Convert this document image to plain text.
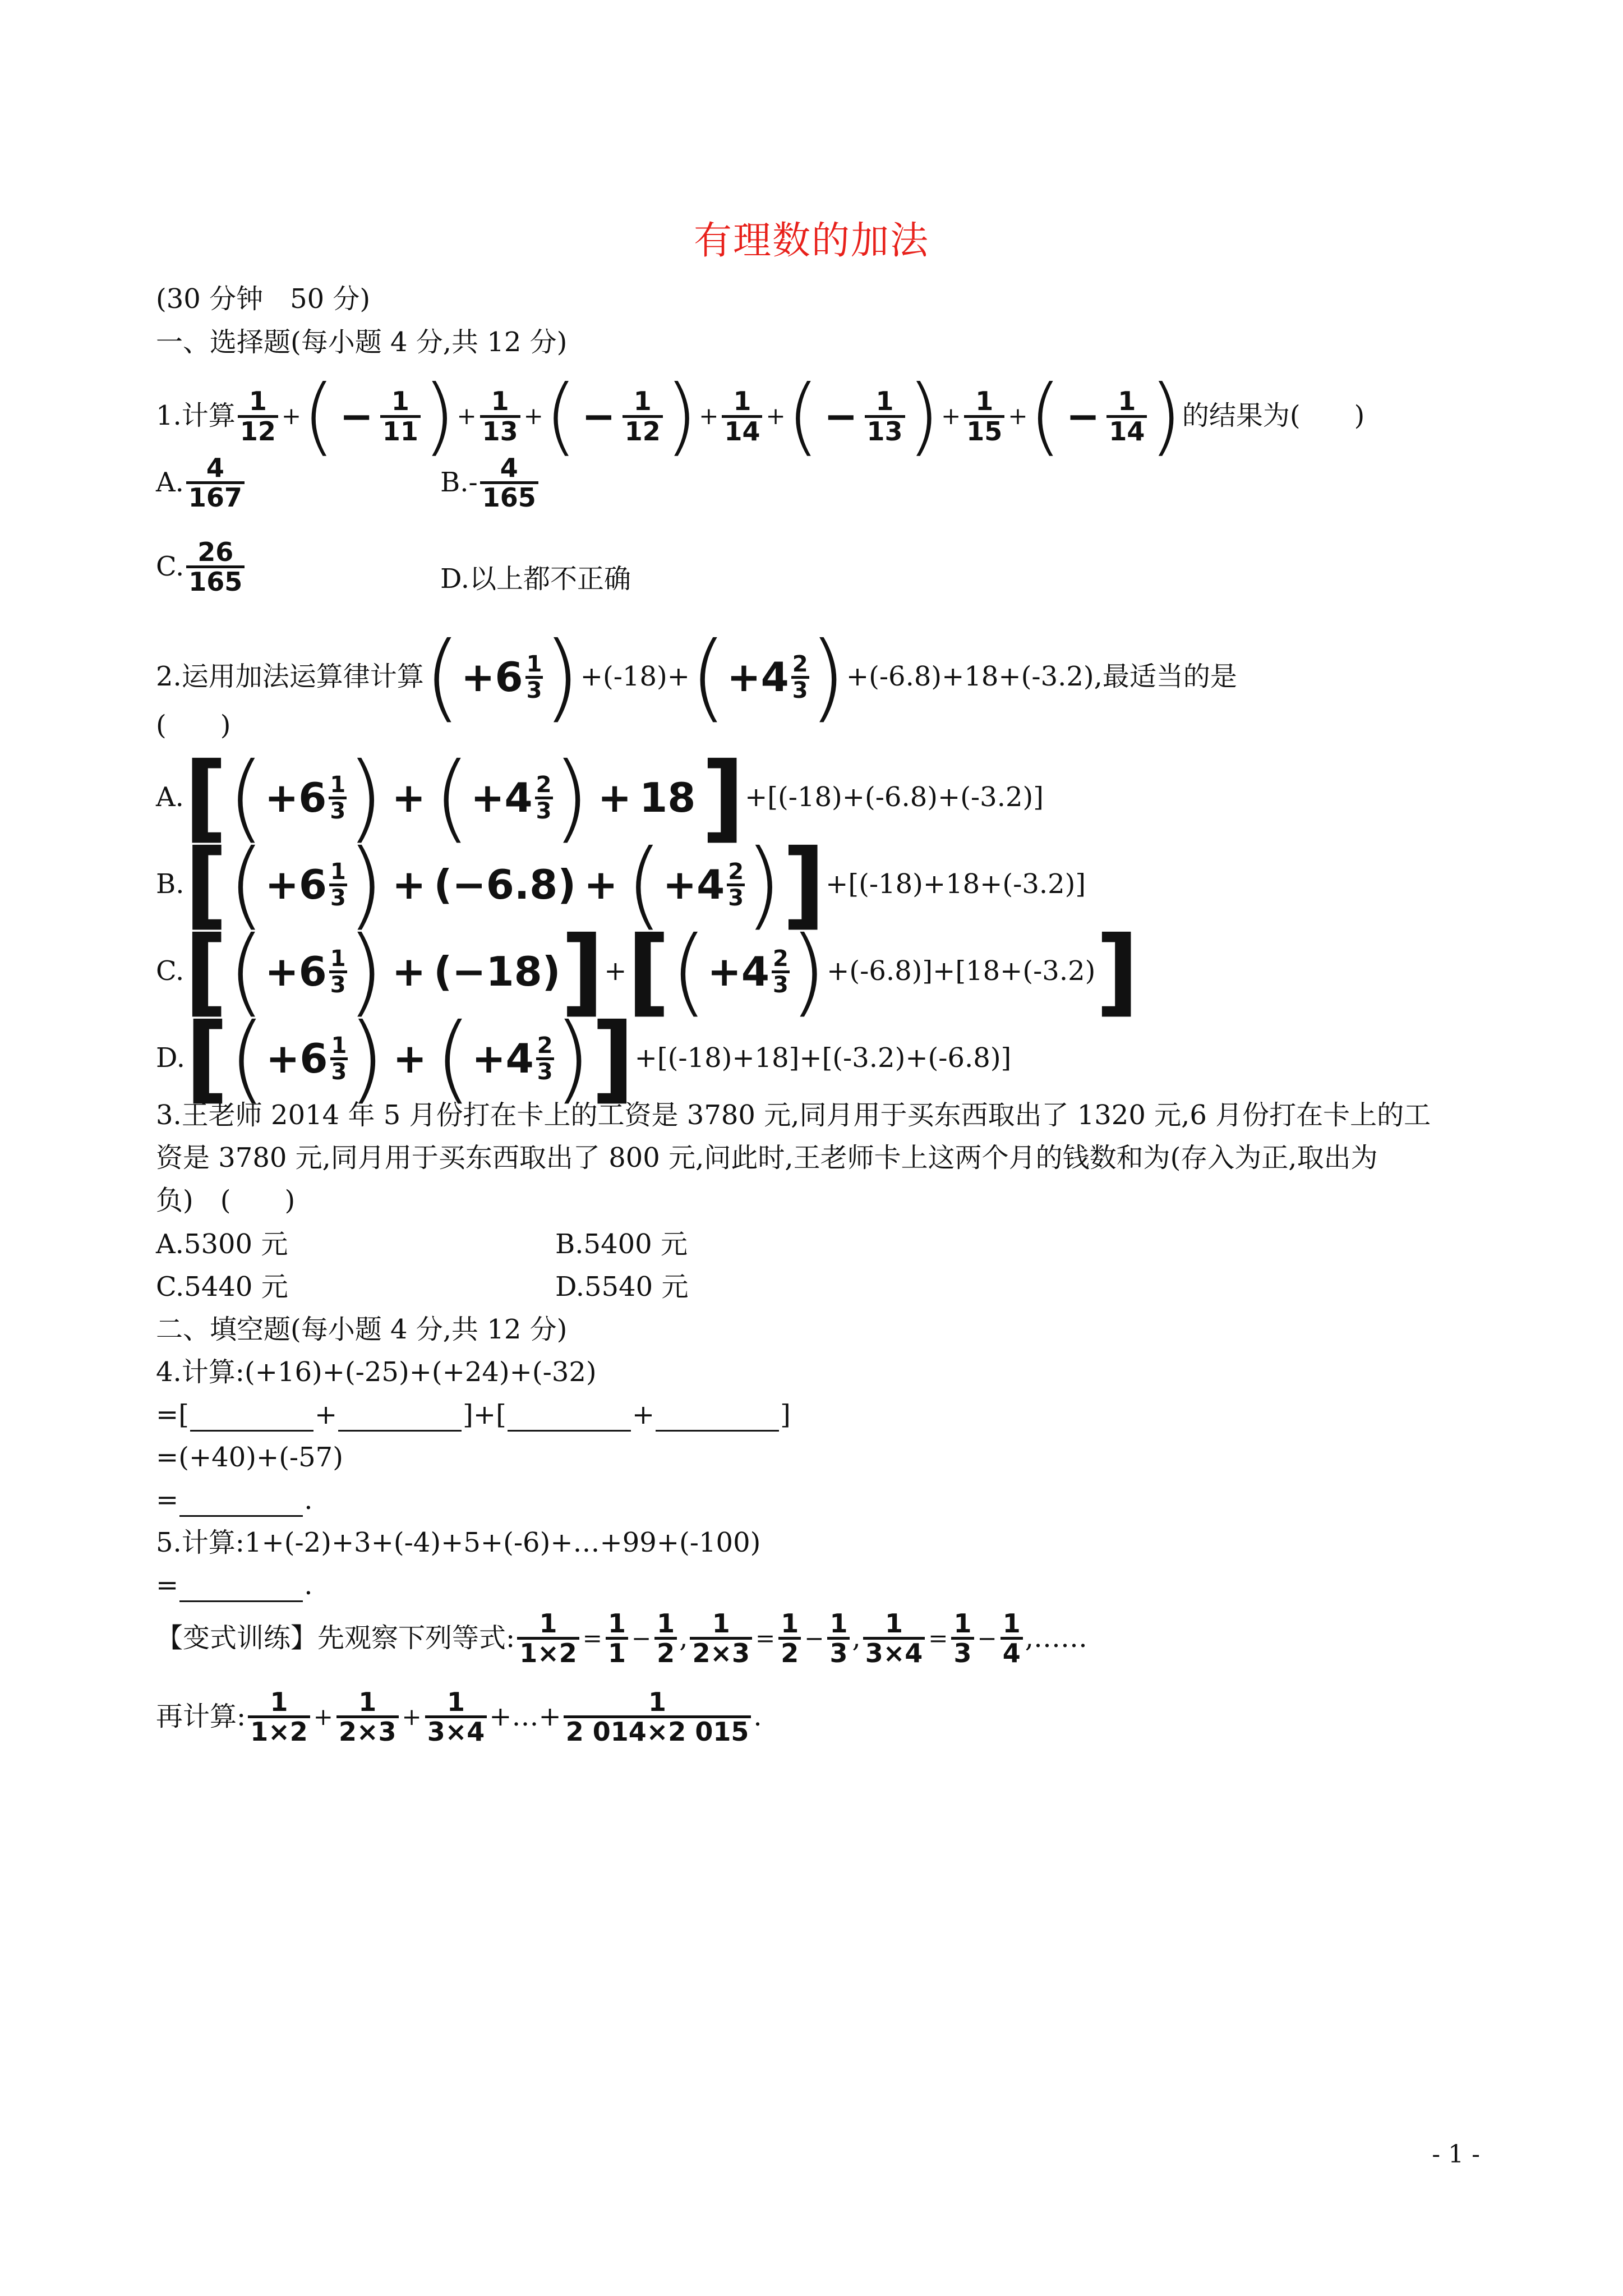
有理数的加法
(30 分钟　50 分)
一、选择题(每小题 4 分,共 12 分)
1.计算 1
12
+ ( − $\frac{1}{11}$ ) + $\frac{1}{13}$ + ( − $\frac{1}{12}$ ) + $\frac{1}{14}$ + ( − $\frac{1}{13}$ ) + $\frac{1}{15}$ + ( − $\frac{1}{14}$ ) 的结果为(　　)
A. 4
167	B. - 4
165
C. 26
165	D.以上都不正确
2.运用加法运算律计算 ( +6 1
3 ) +(-18)+ ( +4 2
3 ) +(-6.8)+18+(-3.2),最适当的是
(　　)
A. [ ( +6 1
3 ) + ( +4 2
3 ) + 18 ] +[(-18)+(-6.8)+(-3.2)]
B. [ ( +6 1
3 ) + (−6.8) + ( +4 2
3 ) ] +[(-18)+18+(-3.2)]
C. [ ( +6 1
3 ) + (−18) ] + [ ( +4 2
3 ) +(-6.8)]+[18+(-3.2) ]
D. [ ( +6 1
3 ) + ( +4 2
3 ) ] +[(-18)+18]+[(-3.2)+(-6.8)]
3.王老师 2014 年 5 月份打在卡上的工资是 3780 元,同月用于买东西取出了 1320 元,6 月份打在卡上的工
资是 3780 元,同月用于买东西取出了 800 元,问此时,王老师卡上这两个月的钱数和为(存入为正,取出为
负)　(　　)
A.5300 元	B.5400 元
C.5440 元	D.5540 元
二、填空题(每小题 4 分,共 12 分)
4.计算:(+16)+(-25)+(+24)+(-32)
=[	+	]+[	+	]
=(+40)+(-57)
=	.
5.计算:1+(-2)+3+(-4)+5+(-6)+…+99+(-100)
=	.
【变式训练】先观察下列等式: $\frac{1}{1\times 2} = \frac{1}{1} - \frac{1}{2}$ , $\frac{1}{2\times 3} = \frac{1}{2} - \frac{1}{3}$ , $\frac{1}{3\times 4} = \frac{1}{3} - \frac{1}{4}$ , ……
再计算: 1
1×2
+ $\frac{1}{2\times 3} + \frac{1}{3\times 4}$ +…+ $\frac{1}{2 014\times 2 015}$ .
- 1 -
